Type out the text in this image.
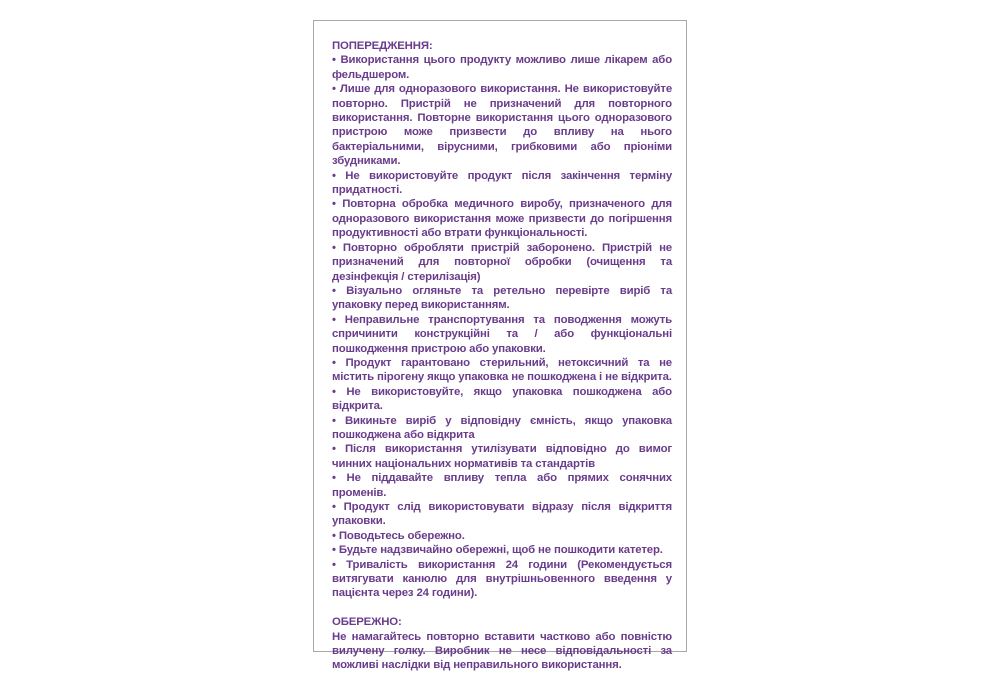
ПОПЕРЕДЖЕННЯ:
• Використання цього продукту можливо лише лікарем або фельдшером.
• Лише для одноразового використання. Не використовуйте повторно. Пристрій не призначений для повторного використання. Повторне використання цього одноразового пристрою може призвести до впливу на нього бактеріальними, вірусними, грибковими або пріоніми збудниками.
• Не використовуйте продукт після закінчення терміну придатності.
• Повторна обробка медичного виробу, призначеного для одноразового використання може призвести до погіршення продуктивності або втрати функціональності.
• Повторно обробляти пристрій заборонено. Пристрій не призначений для повторної обробки (очищення та дезінфекція / стерилізація)
• Візуально огляньте та ретельно перевірте виріб та упаковку перед використанням.
• Неправильне транспортування та поводження можуть спричинити конструкційні та / або функціональні пошкодження пристрою або упаковки.
• Продукт гарантовано стерильний, нетоксичний та не містить пірогену якщо упаковка не пошкоджена і не відкрита.
• Не використовуйте, якщо упаковка пошкоджена або відкрита.
• Викиньте виріб у відповідну ємність, якщо упаковка пошкоджена або відкрита
• Після використання утилізувати відповідно до вимог чинних національних нормативів та стандартів
• Не піддавайте впливу тепла або прямих сонячних променів.
• Продукт слід використовувати відразу після відкриття упаковки.
• Поводьтесь обережно.
• Будьте надзвичайно обережні, щоб не пошкодити катетер.
• Тривалість використання 24 години (Рекомендується витягувати канюлю для внутрішньовенного введення у пацієнта через 24 години).
ОБЕРЕЖНО:
Не намагайтесь повторно вставити частково або повністю вилучену голку. Виробник не несе відповідальності за можливі наслідки від неправильного використання.
